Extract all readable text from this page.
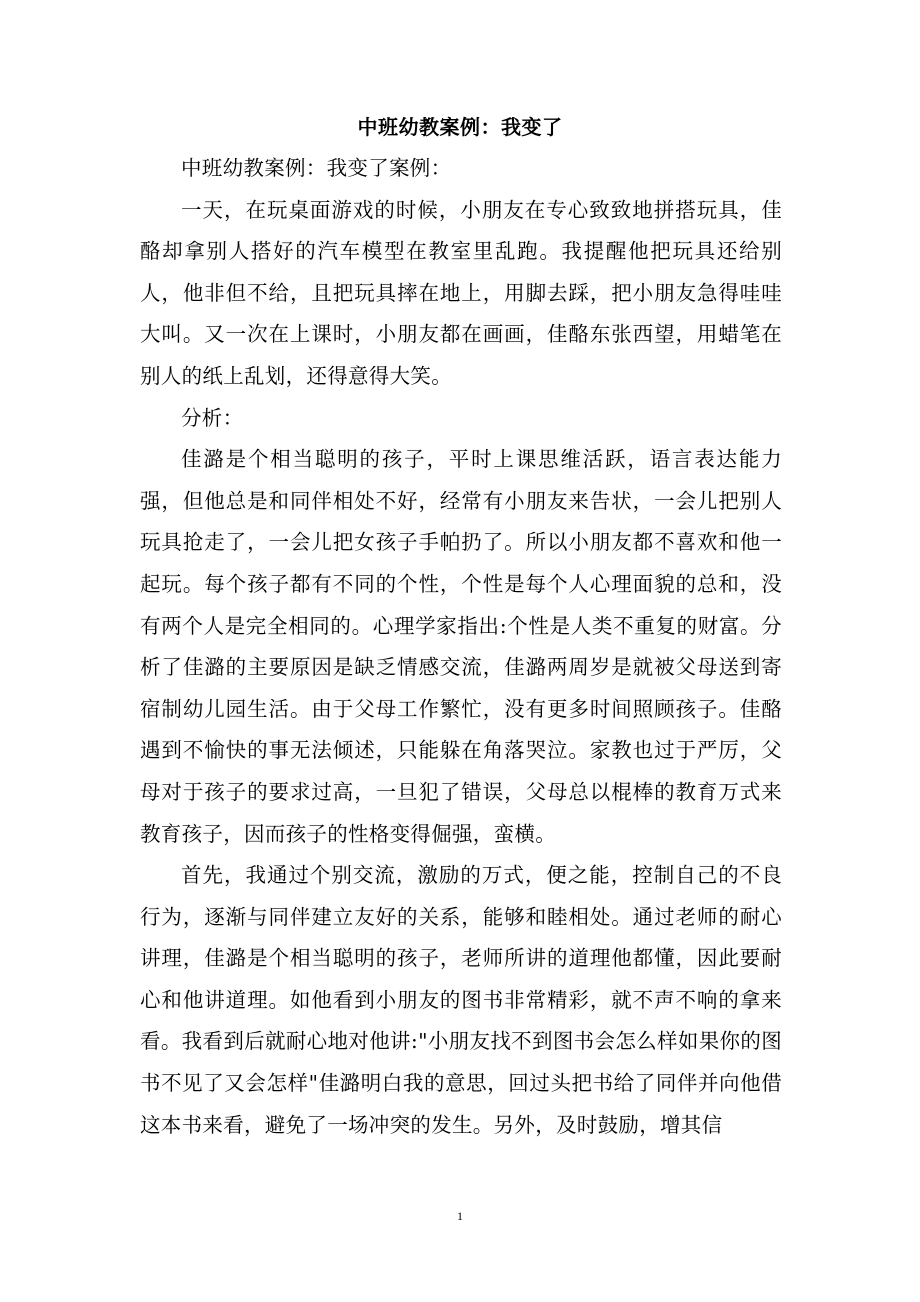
中班幼教案例：我变了

中班幼教案例：我变了案例：

一天，在玩桌面游戏的时候，小朋友在专心致致地拼搭玩具，佳酪却拿别人搭好的汽车模型在教室里乱跑。我提醒他把玩具还给别人，他非但不给，且把玩具摔在地上，用脚去踩，把小朋友急得哇哇大叫。又一次在上课时，小朋友都在画画，佳酪东张西望，用蜡笔在别人的纸上乱划，还得意得大笑。

分析：

佳潞是个相当聪明的孩子，平时上课思维活跃，语言表达能力强，但他总是和同伴相处不好，经常有小朋友来告状，一会儿把别人玩具抢走了，一会儿把女孩子手帕扔了。所以小朋友都不喜欢和他一起玩。每个孩子都有不同的个性，个性是每个人心理面貌的总和，没有两个人是完全相同的。心理学家指出:个性是人类不重复的财富。分析了佳潞的主要原因是缺乏情感交流，佳潞两周岁是就被父母送到寄宿制幼儿园生活。由于父母工作繁忙，没有更多时间照顾孩子。佳酪遇到不愉快的事无法倾述，只能躲在角落哭泣。家教也过于严厉，父母对于孩子的要求过高，一旦犯了错误，父母总以棍棒的教育万式来教育孩子，因而孩子的性格变得倔强，蛮横。

首先，我通过个别交流，激励的万式，便之能，控制自己的不良行为，逐渐与同伴建立友好的关系，能够和睦相处。通过老师的耐心讲理，佳潞是个相当聪明的孩子，老师所讲的道理他都懂，因此要耐心和他讲道理。如他看到小朋友的图书非常精彩，就不声不响的拿来看。我看到后就耐心地对他讲:"小朋友找不到图书会怎么样如果你的图书不见了又会怎样"佳潞明白我的意思，回过头把书给了同伴并向他借这本书来看，避免了一场冲突的发生。另外，及时鼓励，增其信

1
